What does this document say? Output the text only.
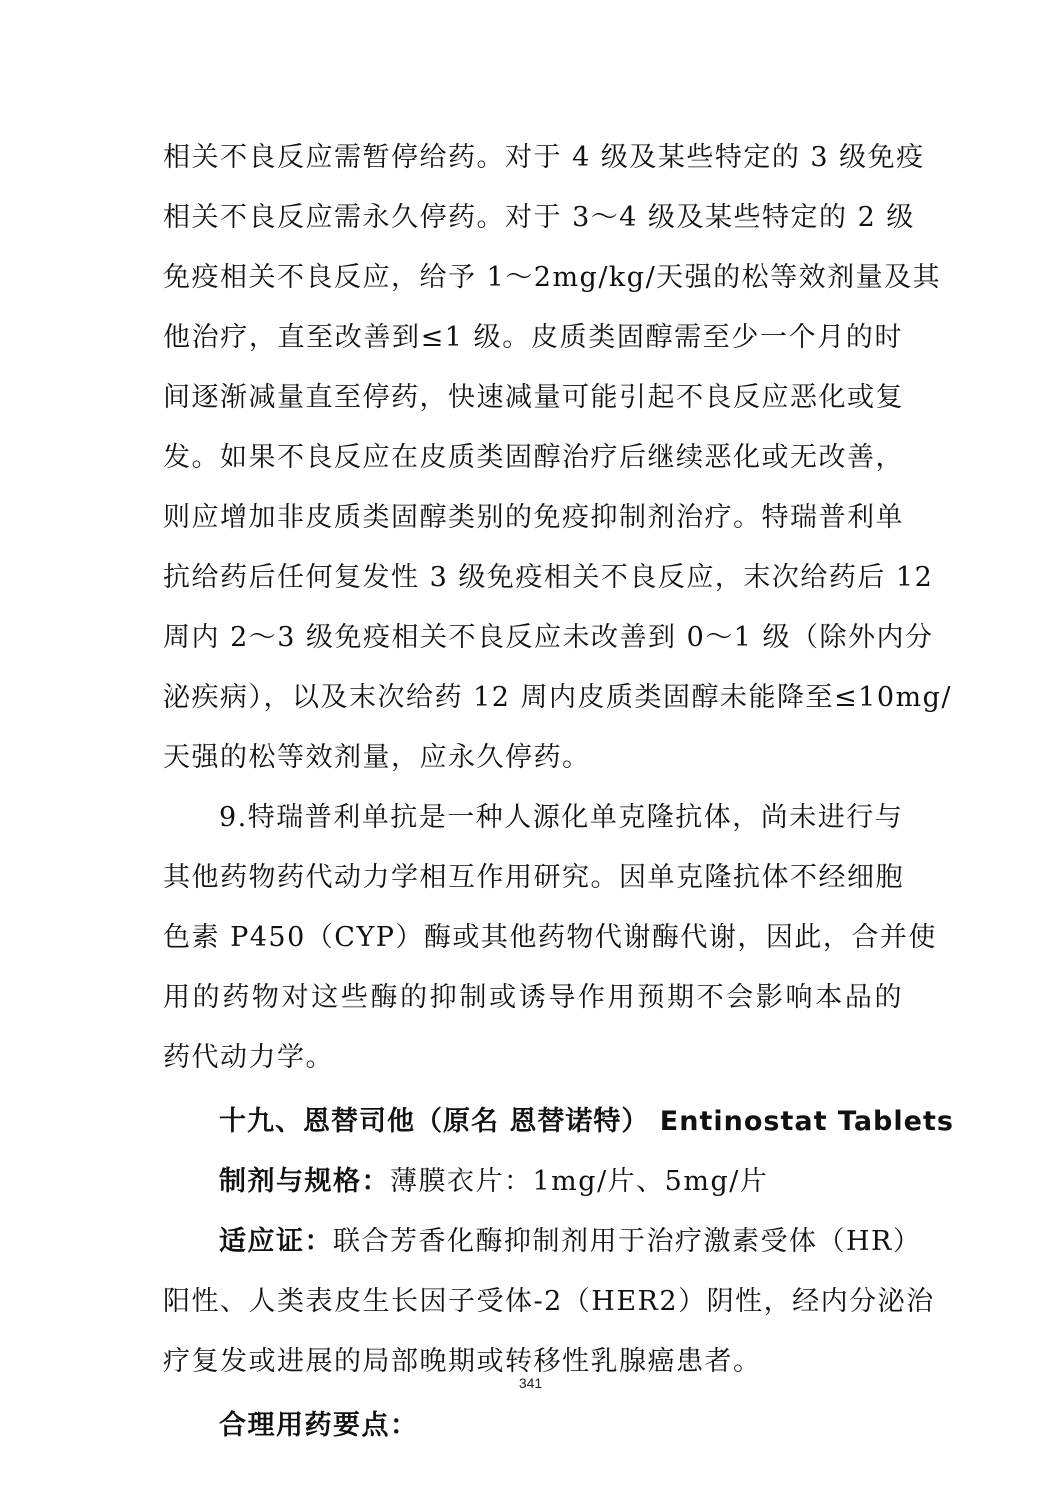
相关不良反应需暂停给药。对于 4 级及某些特定的 3 级免疫
相关不良反应需永久停药。对于 3～4 级及某些特定的 2 级
免疫相关不良反应，给予 1～2mg/kg/天强的松等效剂量及其
他治疗，直至改善到≤1 级。皮质类固醇需至少一个月的时
间逐渐减量直至停药，快速减量可能引起不良反应恶化或复
发。如果不良反应在皮质类固醇治疗后继续恶化或无改善，
则应增加非皮质类固醇类别的免疫抑制剂治疗。特瑞普利单
抗给药后任何复发性 3 级免疫相关不良反应，末次给药后 12
周内 2～3 级免疫相关不良反应未改善到 0～1 级（除外内分
泌疾病），以及末次给药 12 周内皮质类固醇未能降至≤10mg/
天强的松等效剂量，应永久停药。
9.特瑞普利单抗是一种人源化单克隆抗体，尚未进行与
其他药物药代动力学相互作用研究。因单克隆抗体不经细胞
色素 P450（CYP）酶或其他药物代谢酶代谢，因此，合并使
用的药物对这些酶的抑制或诱导作用预期不会影响本品的
药代动力学。
十九、恩替司他（原名 恩替诺特） Entinostat Tablets
制剂与规格：薄膜衣片：1mg/片、5mg/片
适应证：联合芳香化酶抑制剂用于治疗激素受体（HR）
阳性、人类表皮生长因子受体-2（HER2）阴性，经内分泌治
疗复发或进展的局部晚期或转移性乳腺癌患者。
合理用药要点：
341
